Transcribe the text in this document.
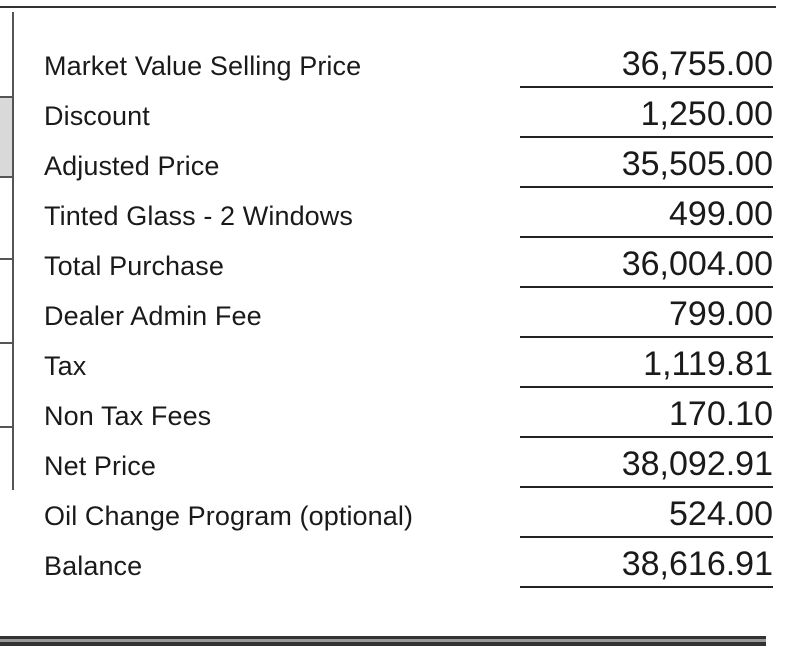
Market Value Selling Price	36,755.00
Discount	1,250.00
Adjusted Price	35,505.00
Tinted Glass - 2 Windows	499.00
Total Purchase	36,004.00
Dealer Admin Fee	799.00
Tax	1,119.81
Non Tax Fees	170.10
Net Price	38,092.91
Oil Change Program (optional)	524.00
Balance	38,616.91
